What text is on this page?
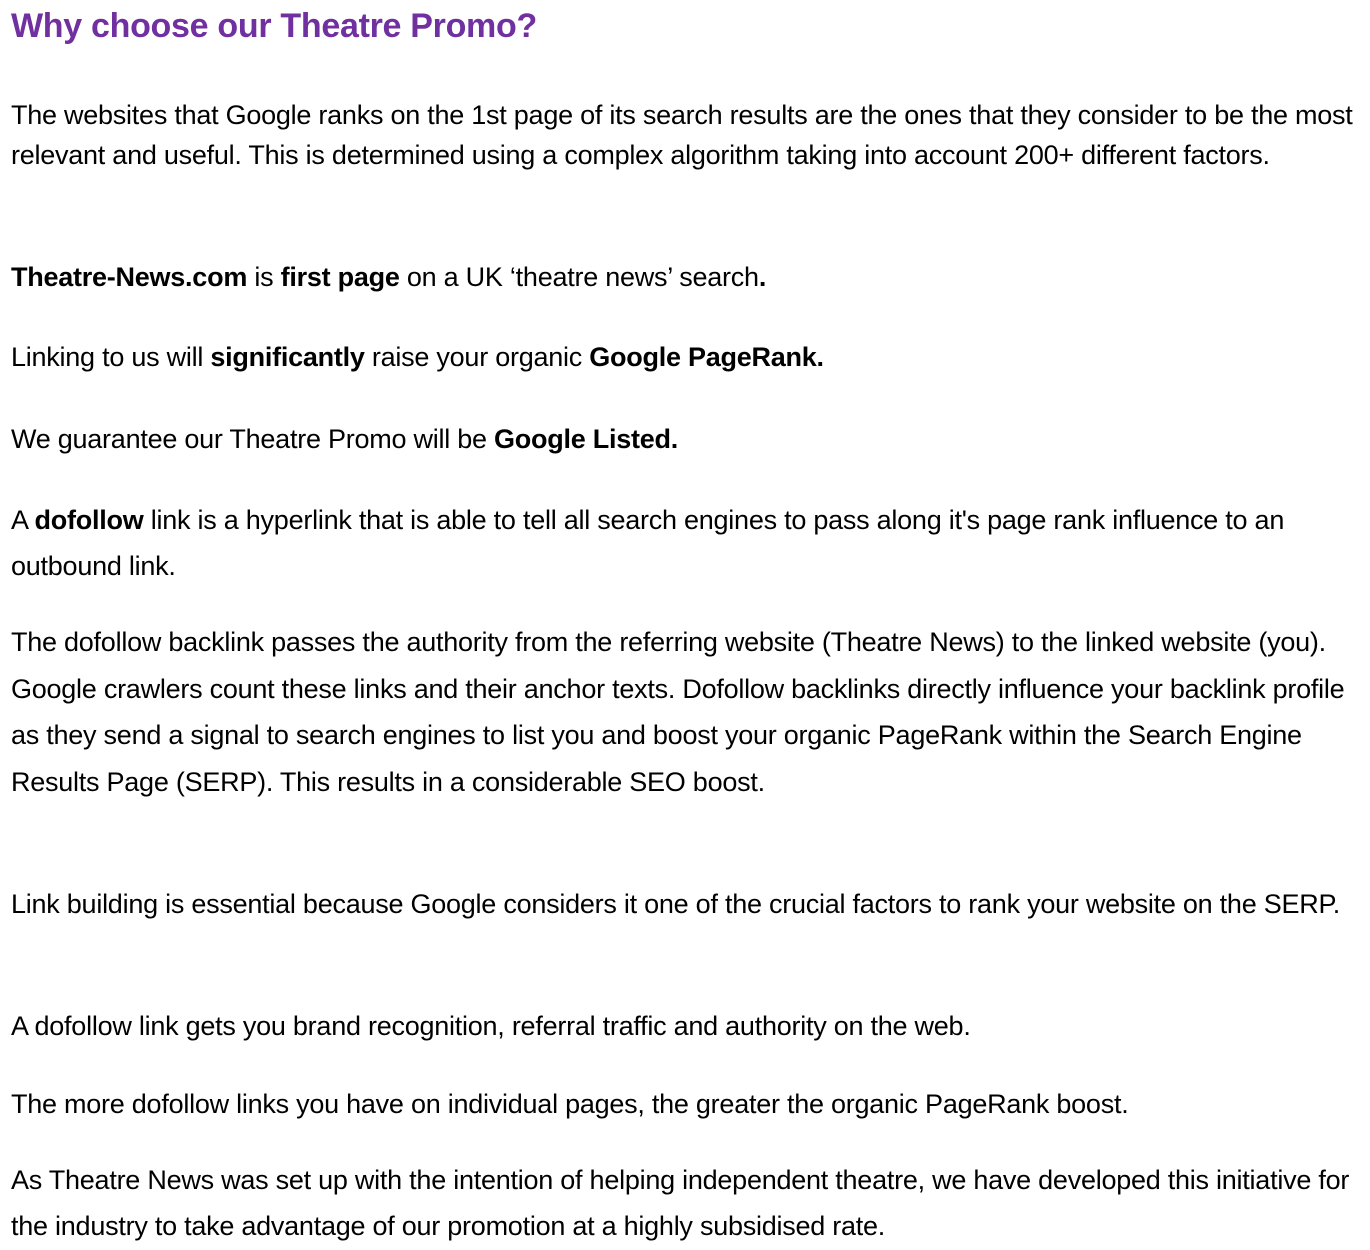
Why choose our Theatre Promo?

The websites that Google ranks on the 1st page of its search results are the ones that they consider to be the most relevant and useful. This is determined using a complex algorithm taking into account 200+ different factors.

Theatre-News.com is first page on a UK ‘theatre news’ search.

Linking to us will significantly raise your organic Google PageRank.

We guarantee our Theatre Promo will be Google Listed.

A dofollow link is a hyperlink that is able to tell all search engines to pass along it's page rank influence to an outbound link.

The dofollow backlink passes the authority from the referring website (Theatre News) to the linked website (you). Google crawlers count these links and their anchor texts. Dofollow backlinks directly influence your backlink profile as they send a signal to search engines to list you and boost your organic PageRank within the Search Engine Results Page (SERP). This results in a considerable SEO boost.

Link building is essential because Google considers it one of the crucial factors to rank your website on the SERP.

A dofollow link gets you brand recognition, referral traffic and authority on the web.

The more dofollow links you have on individual pages, the greater the organic PageRank boost.

As Theatre News was set up with the intention of helping independent theatre, we have developed this initiative for the industry to take advantage of our promotion at a highly subsidised rate.
